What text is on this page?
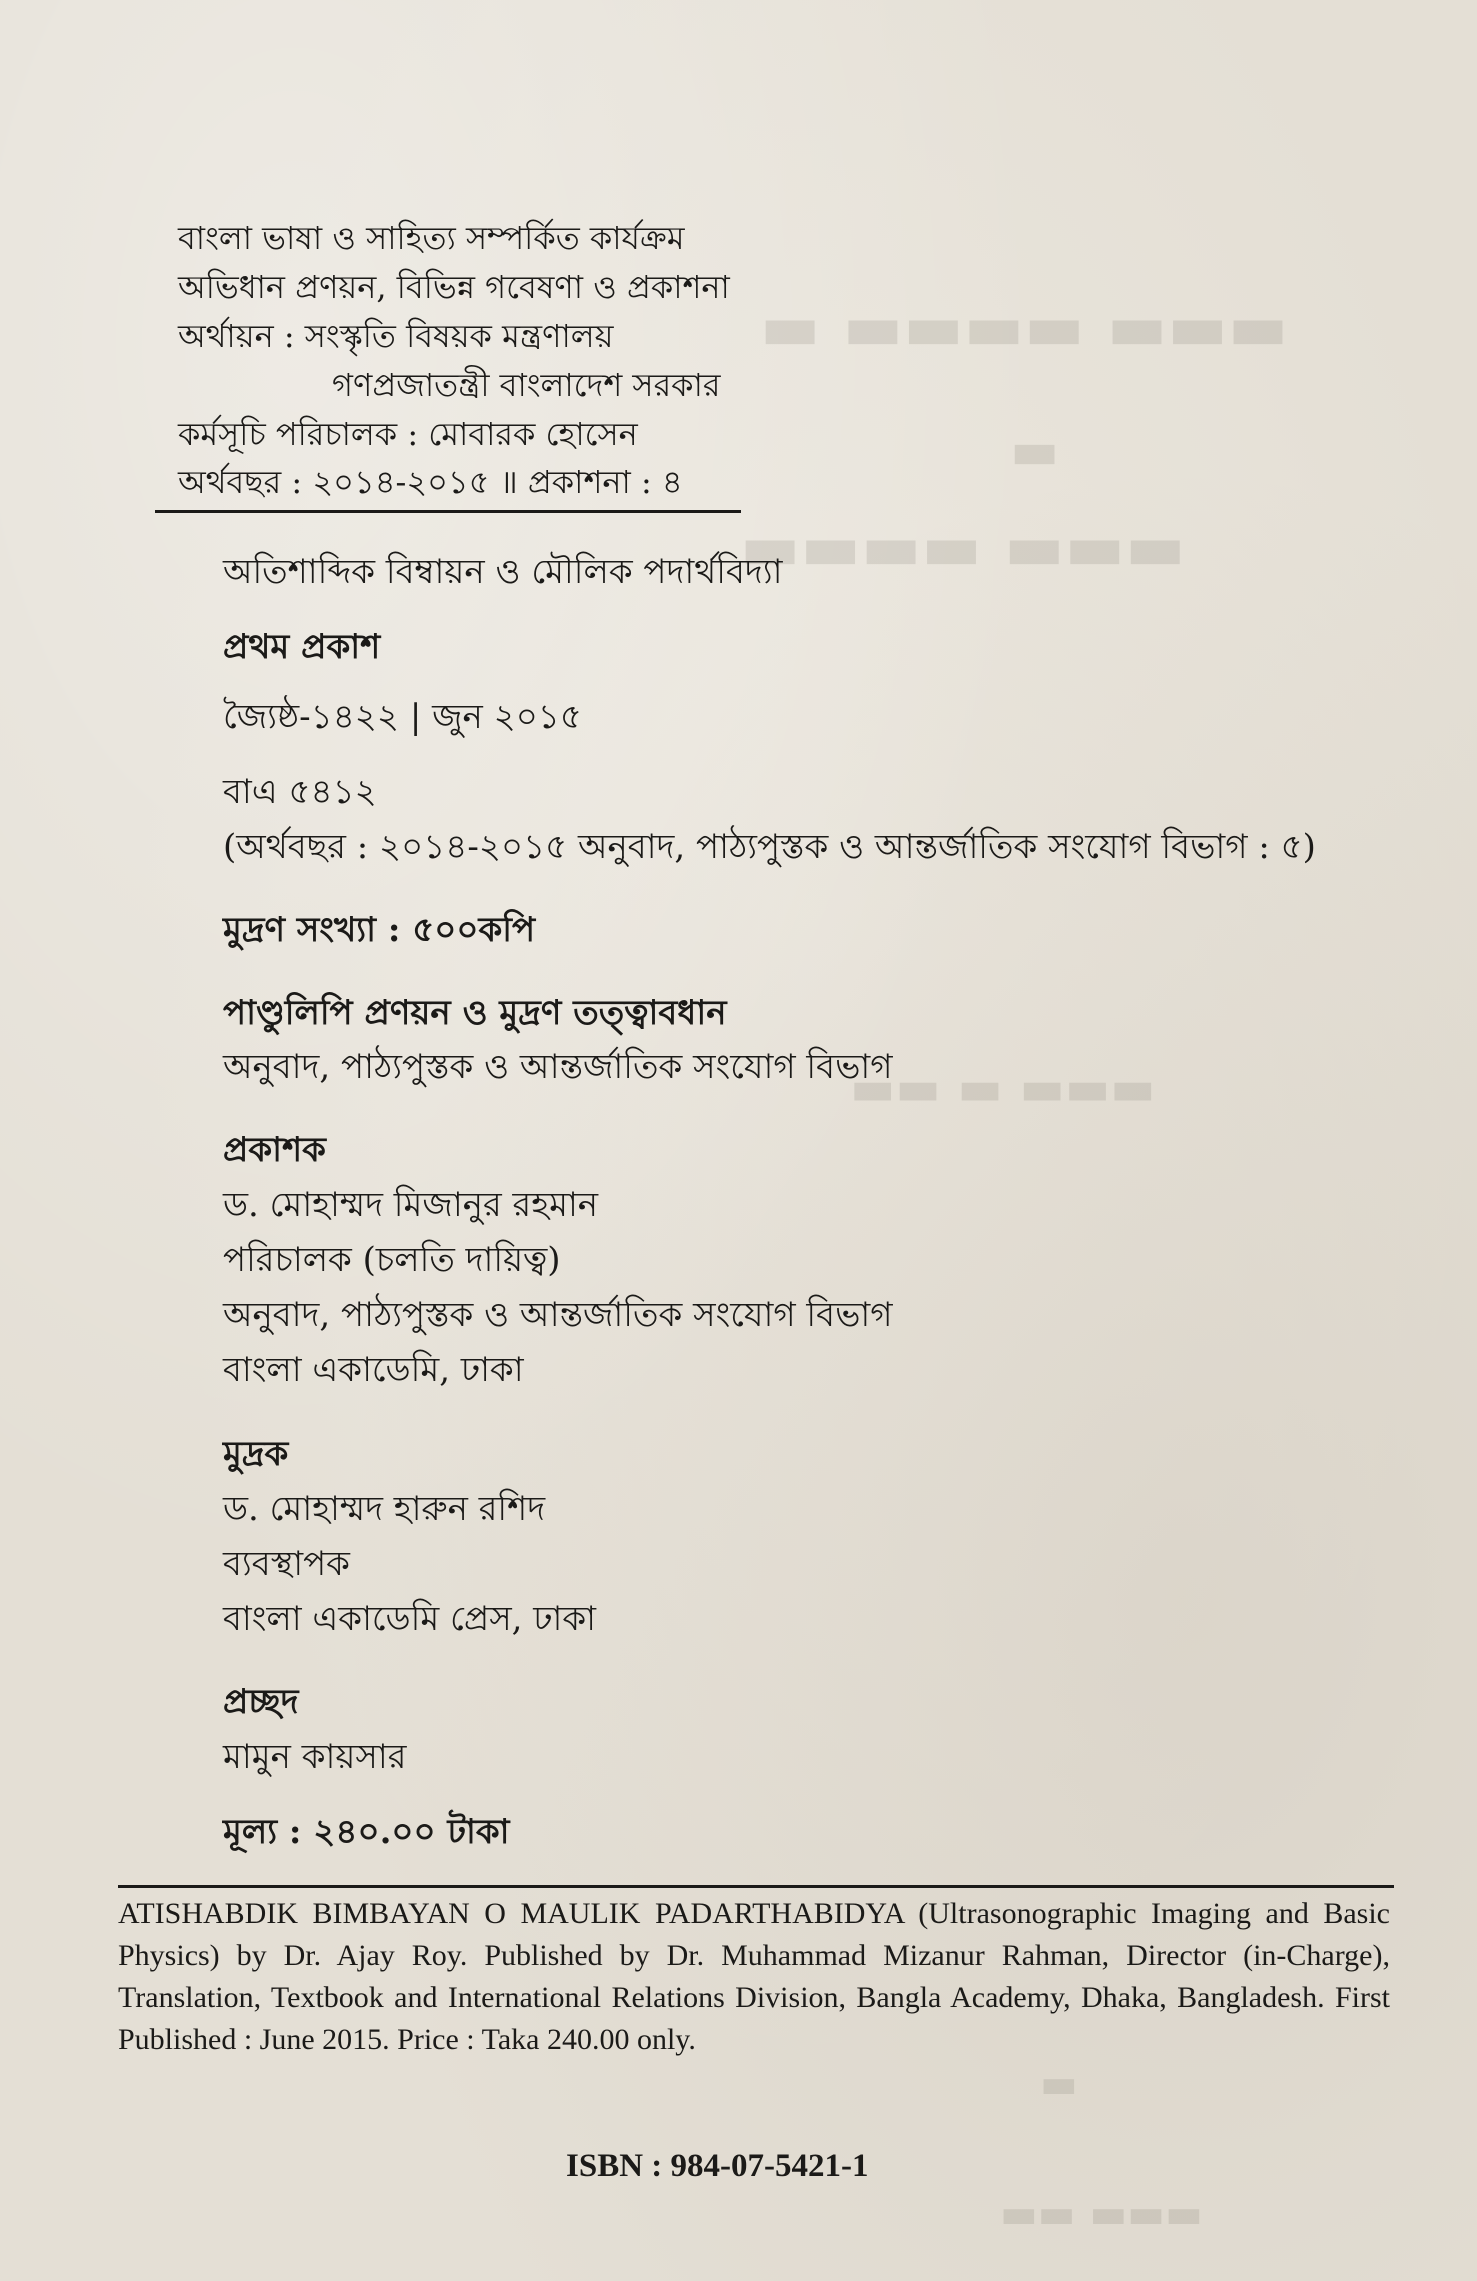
▬ ▬▬▬▬ ▬▬▬
▬
▬▬▬▬ ▬▬▬
▬▬ ▬ ▬▬▬
▬
▬▬ ▬▬▬
বাংলা ভাষা ও সাহিত্য সম্পর্কিত কার্যক্রম
অভিধান প্রণয়ন, বিভিন্ন গবেষণা ও প্রকাশনা
অর্থায়ন : সংস্কৃতি বিষয়ক মন্ত্রণালয়
গণপ্রজাতন্ত্রী বাংলাদেশ সরকার
কর্মসূচি পরিচালক : মোবারক হোসেন
অর্থবছর : ২০১৪-২০১৫ ॥ প্রকাশনা : ৪
অতিশাব্দিক বিম্বায়ন ও মৌলিক পদার্থবিদ্যা
প্রথম প্রকাশ
জ্যৈষ্ঠ-১৪২২ | জুন ২০১৫
বাএ ৫৪১২
(অর্থবছর : ২০১৪-২০১৫ অনুবাদ, পাঠ্যপুস্তক ও আন্তর্জাতিক সংযোগ বিভাগ : ৫)
মুদ্রণ সংখ্যা : ৫০০কপি
পাণ্ডুলিপি প্রণয়ন ও মুদ্রণ তত্ত্বাবধান
অনুবাদ, পাঠ্যপুস্তক ও আন্তর্জাতিক সংযোগ বিভাগ
প্রকাশক
ড. মোহাম্মদ মিজানুর রহমান
পরিচালক (চলতি দায়িত্ব)
অনুবাদ, পাঠ্যপুস্তক ও আন্তর্জাতিক সংযোগ বিভাগ
বাংলা একাডেমি, ঢাকা
মুদ্রক
ড. মোহাম্মদ হারুন রশিদ
ব্যবস্থাপক
বাংলা একাডেমি প্রেস, ঢাকা
প্রচ্ছদ
মামুন কায়সার
মূল্য : ২৪০.০০ টাকা
ATISHABDIK BIMBAYAN O MAULIK PADARTHABIDYA (Ultrasonographic Imaging and Basic Physics) by Dr. Ajay Roy. Published by Dr. Muhammad Mizanur Rahman, Director (in-Charge), Translation, Textbook and International Relations Division, Bangla Academy, Dhaka, Bangladesh. First Published : June 2015. Price : Taka 240.00 only.
ISBN : 984-07-5421-1
